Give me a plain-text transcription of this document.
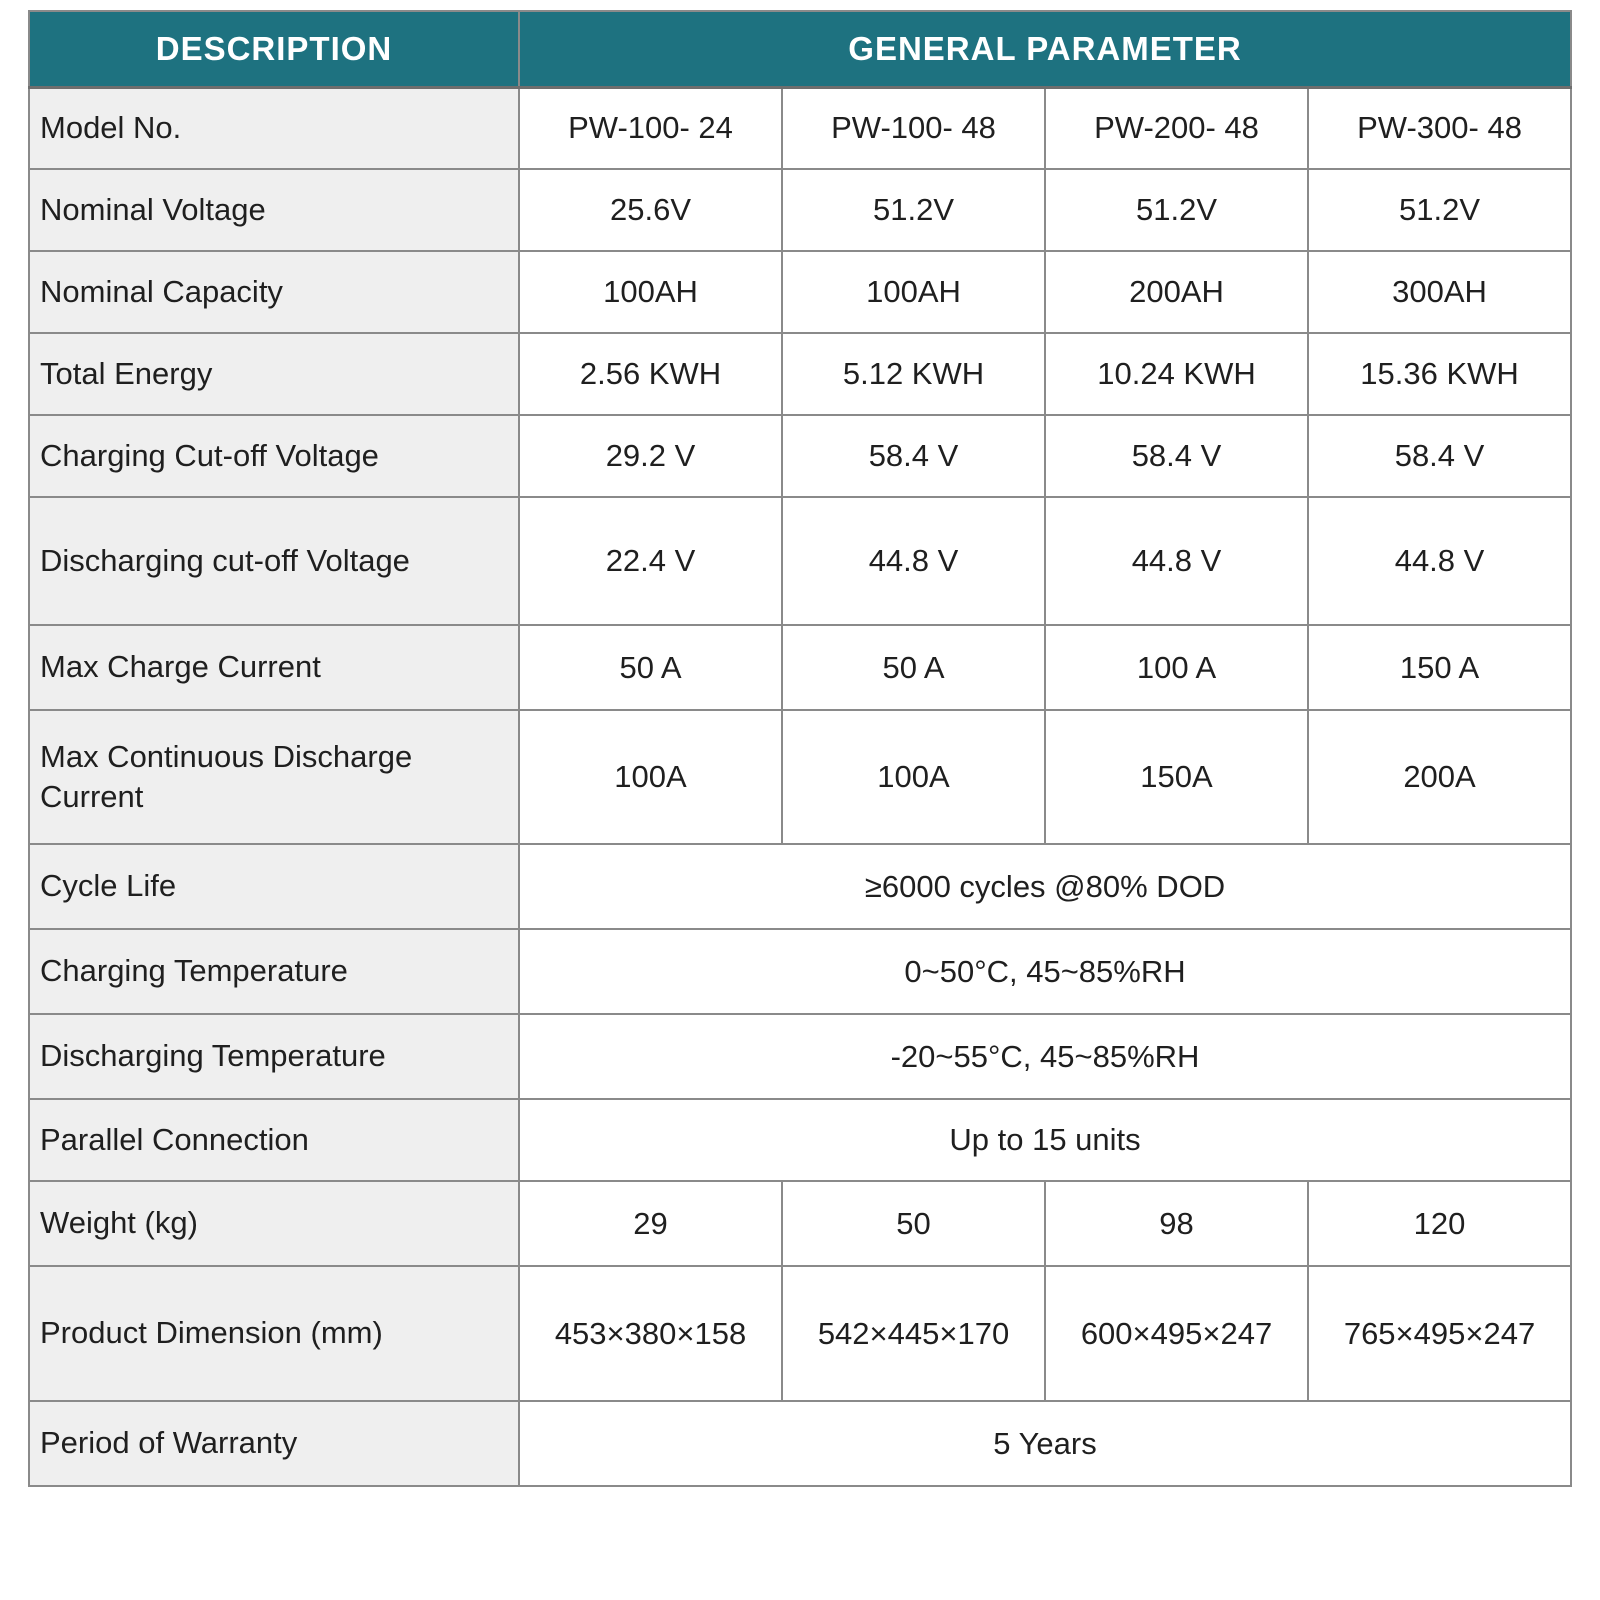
DESCRIPTION	GENERAL PARAMETER			
Model No.	PW-100- 24	PW-100- 48	PW-200- 48	PW-300- 48
Nominal Voltage	25.6V	51.2V	51.2V	51.2V
Nominal Capacity	100AH	100AH	200AH	300AH
Total Energy	2.56 KWH	5.12 KWH	10.24 KWH	15.36 KWH
Charging Cut-off Voltage	29.2 V	58.4 V	58.4 V	58.4 V
Discharging cut-off Voltage	22.4 V	44.8 V	44.8 V	44.8 V
Max Charge Current	50 A	50 A	100 A	150 A
Max Continuous Discharge Current	100A	100A	150A	200A
Cycle Life	≥6000 cycles @80% DOD			
Charging Temperature	0~50°C, 45~85%RH			
Discharging Temperature	-20~55°C, 45~85%RH			
Parallel Connection	Up to 15 units			
Weight (kg)	29	50	98	120
Product Dimension (mm)	453×380×158	542×445×170	600×495×247	765×495×247
Period of Warranty	5 Years			
